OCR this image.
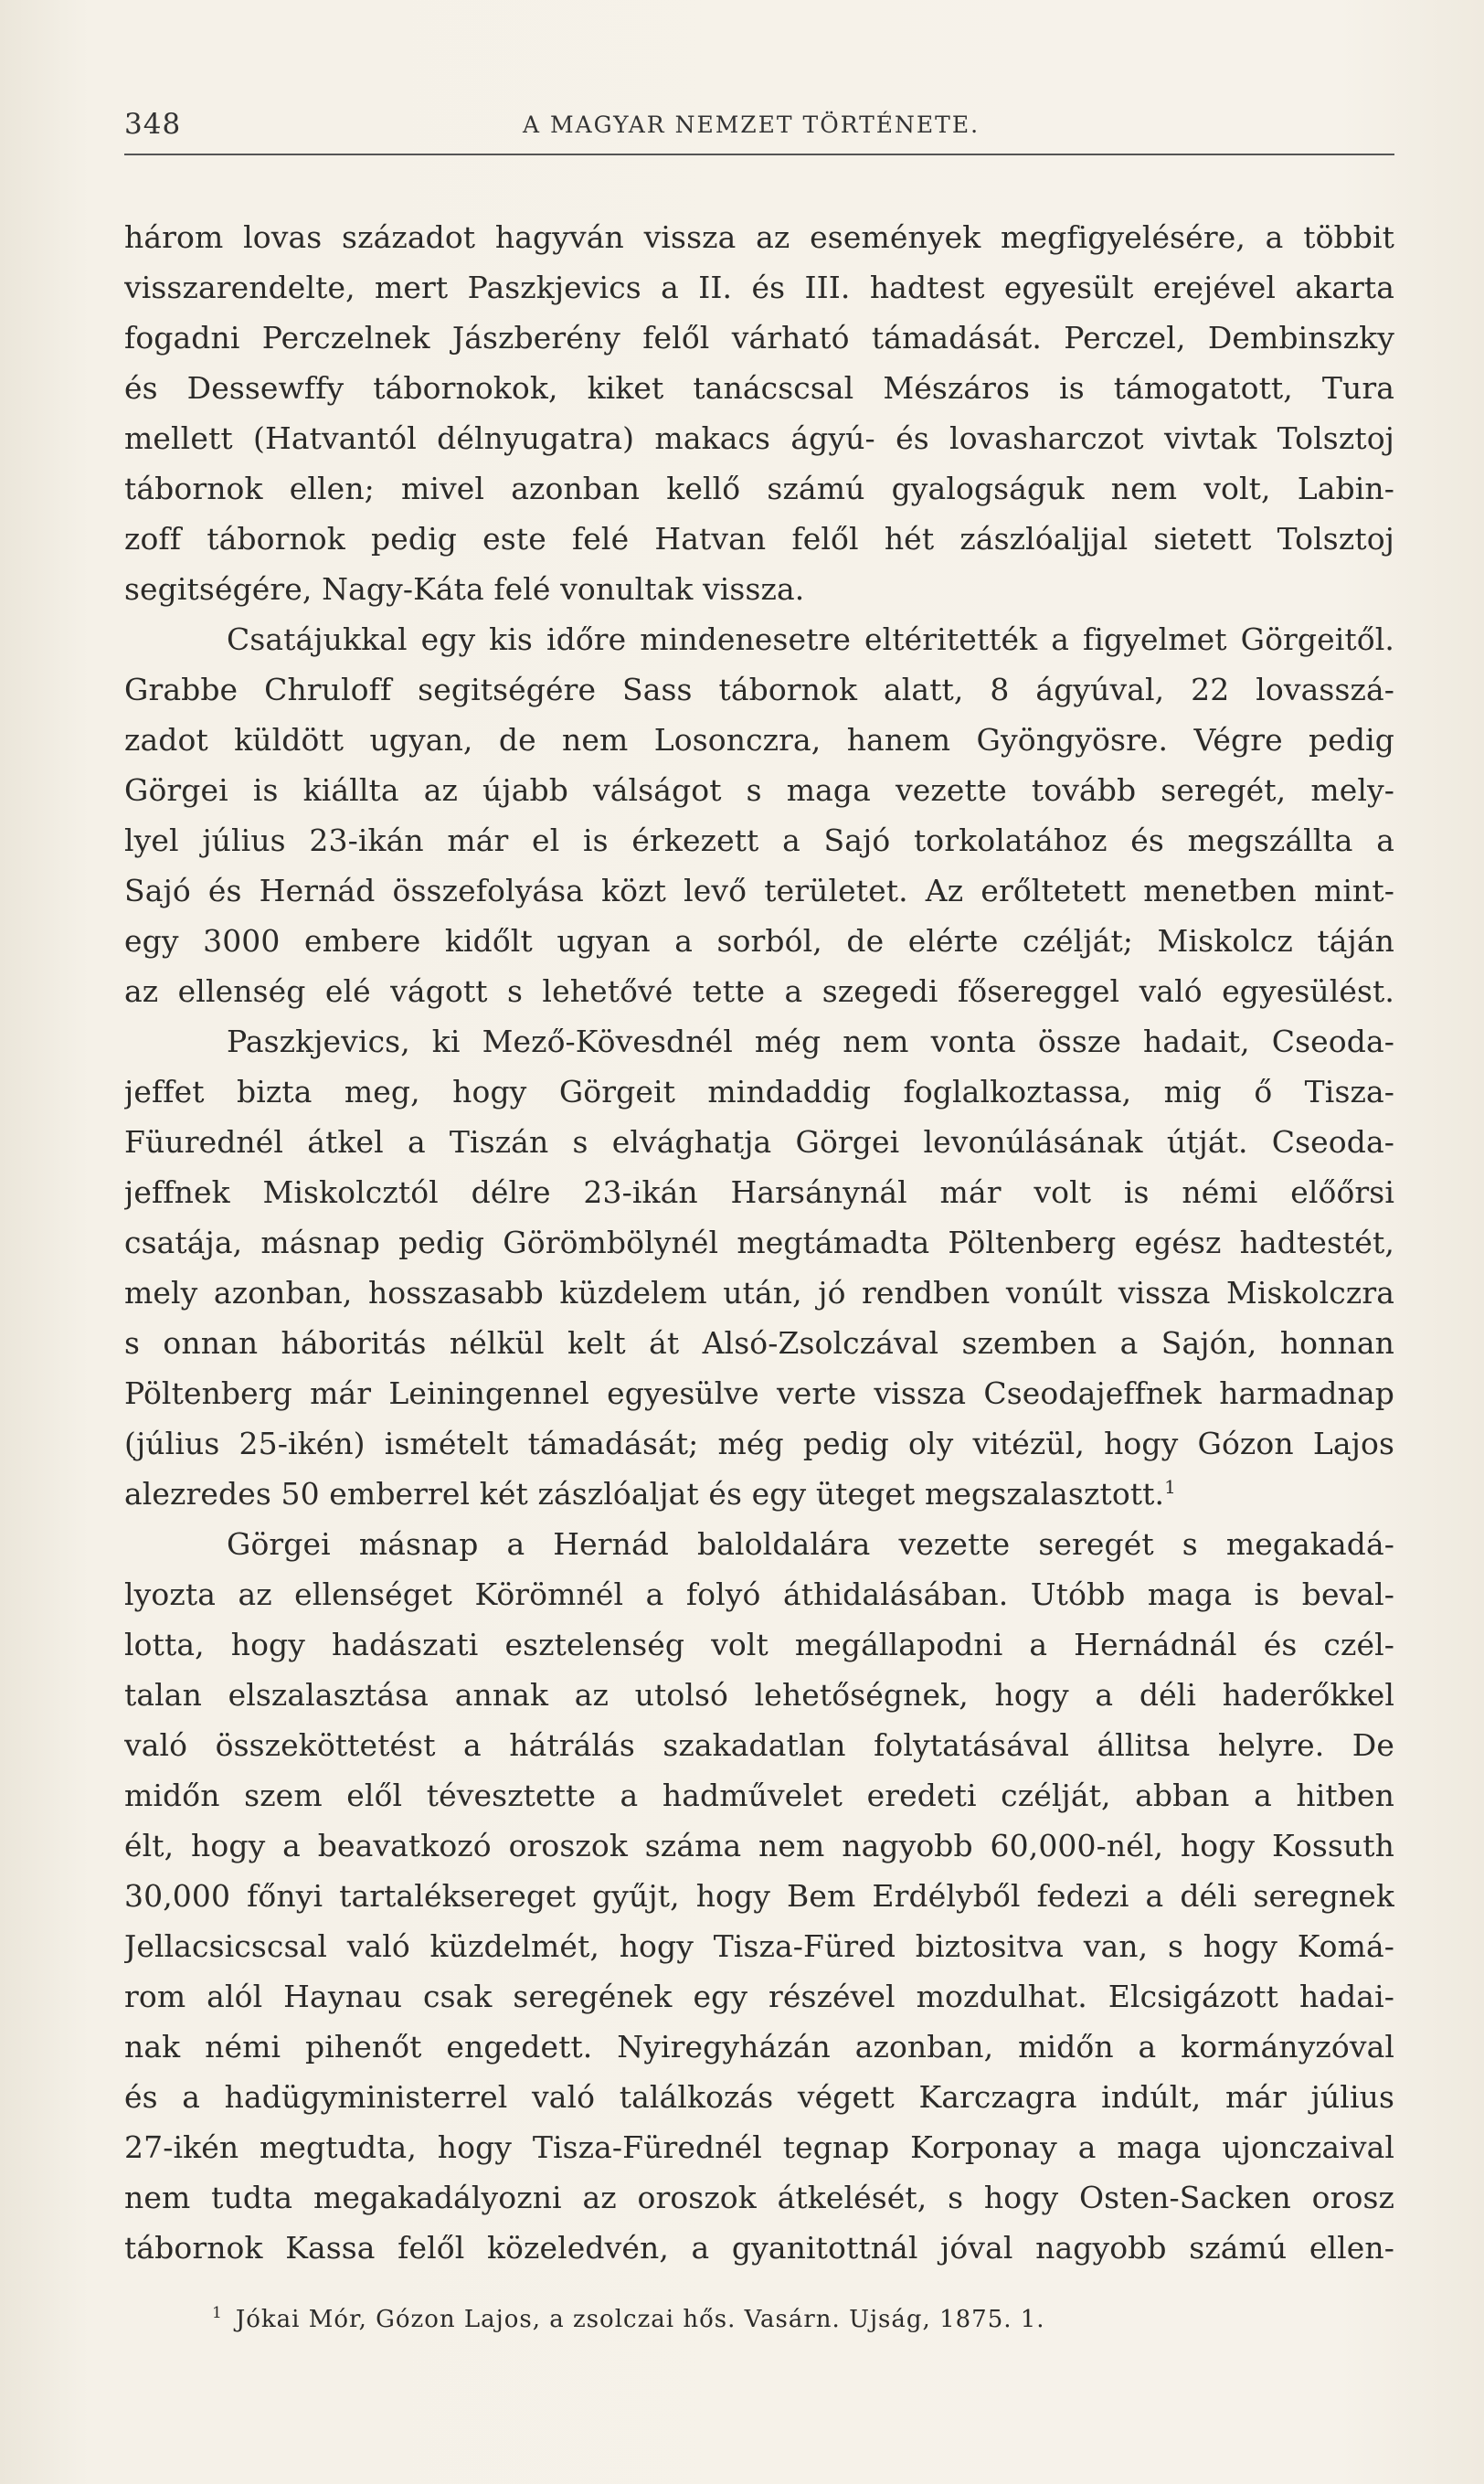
348	A MAGYAR NEMZET TÖRTÉNETE.
három lovas századot hagyván vissza az események megfigyelésére, a többit
visszarendelte, mert Paszkjevics a II. és III. hadtest egyesült erejével akarta
fogadni Perczelnek Jászberény felől várható támadását. Perczel, Dembinszky
és Dessewffy tábornokok, kiket tanácscsal Mészáros is támogatott, Tura
mellett (Hatvantól délnyugatra) makacs ágyú- és lovasharczot vivtak Tolsztoj
tábornok ellen; mivel azonban kellő számú gyalogságuk nem volt, Labin-
zoff tábornok pedig este felé Hatvan felől hét zászlóaljjal sietett Tolsztoj
segitségére, Nagy-Káta felé vonultak vissza.
Csatájukkal egy kis időre mindenesetre eltéritették a figyelmet Görgeitől.
Grabbe Chruloff segitségére Sass tábornok alatt, 8 ágyúval, 22 lovasszá-
zadot küldött ugyan, de nem Losonczra, hanem Gyöngyösre. Végre pedig
Görgei is kiállta az újabb válságot s maga vezette tovább seregét, mely-
lyel július 23-ikán már el is érkezett a Sajó torkolatához és megszállta a
Sajó és Hernád összefolyása közt levő területet. Az erőltetett menetben mint-
egy 3000 embere kidőlt ugyan a sorból, de elérte czélját; Miskolcz táján
az ellenség elé vágott s lehetővé tette a szegedi fősereggel való egyesülést.
Paszkjevics, ki Mező-Kövesdnél még nem vonta össze hadait, Cseoda-
jeffet bizta meg, hogy Görgeit mindaddig foglalkoztassa, mig ő Tisza-
Füurednél átkel a Tiszán s elvághatja Görgei levonúlásának útját. Cseoda-
jeffnek Miskolcztól délre 23-ikán Harsánynál már volt is némi előőrsi
csatája, másnap pedig Görömbölynél megtámadta Pöltenberg egész hadtestét,
mely azonban, hosszasabb küzdelem után, jó rendben vonúlt vissza Miskolczra
s onnan háboritás nélkül kelt át Alsó-Zsolczával szemben a Sajón, honnan
Pöltenberg már Leiningennel egyesülve verte vissza Cseodajeffnek harmadnap
(július 25-ikén) ismételt támadását; még pedig oly vitézül, hogy Gózon Lajos
alezredes 50 emberrel két zászlóaljat és egy üteget megszalasztott.$^1$
Görgei másnap a Hernád baloldalára vezette seregét s megakadá-
lyozta az ellenséget Körömnél a folyó áthidalásában. Utóbb maga is beval-
lotta, hogy hadászati esztelenség volt megállapodni a Hernádnál és czél-
talan elszalasztása annak az utolsó lehetőségnek, hogy a déli haderőkkel
való összeköttetést a hátrálás szakadatlan folytatásával állitsa helyre. De
midőn szem elől tévesztette a hadművelet eredeti czélját, abban a hitben
élt, hogy a beavatkozó oroszok száma nem nagyobb 60,000-nél, hogy Kossuth
30,000 főnyi tartaléksereget gyűjt, hogy Bem Erdélyből fedezi a déli seregnek
Jellacsicscsal való küzdelmét, hogy Tisza-Füred biztositva van, s hogy Komá-
rom alól Haynau csak seregének egy részével mozdulhat. Elcsigázott hadai-
nak némi pihenőt engedett. Nyiregyházán azonban, midőn a kormányzóval
és a hadügyministerrel való találkozás végett Karczagra indúlt, már július
27-ikén megtudta, hogy Tisza-Fürednél tegnap Korponay a maga ujonczaival
nem tudta megakadályozni az oroszok átkelését, s hogy Osten-Sacken orosz
tábornok Kassa felől közeledvén, a gyanitottnál jóval nagyobb számú ellen-
$^1$ Jókai Mór, Gózon Lajos, a zsolczai hős. Vasárn. Ujság, 1875. 1.
